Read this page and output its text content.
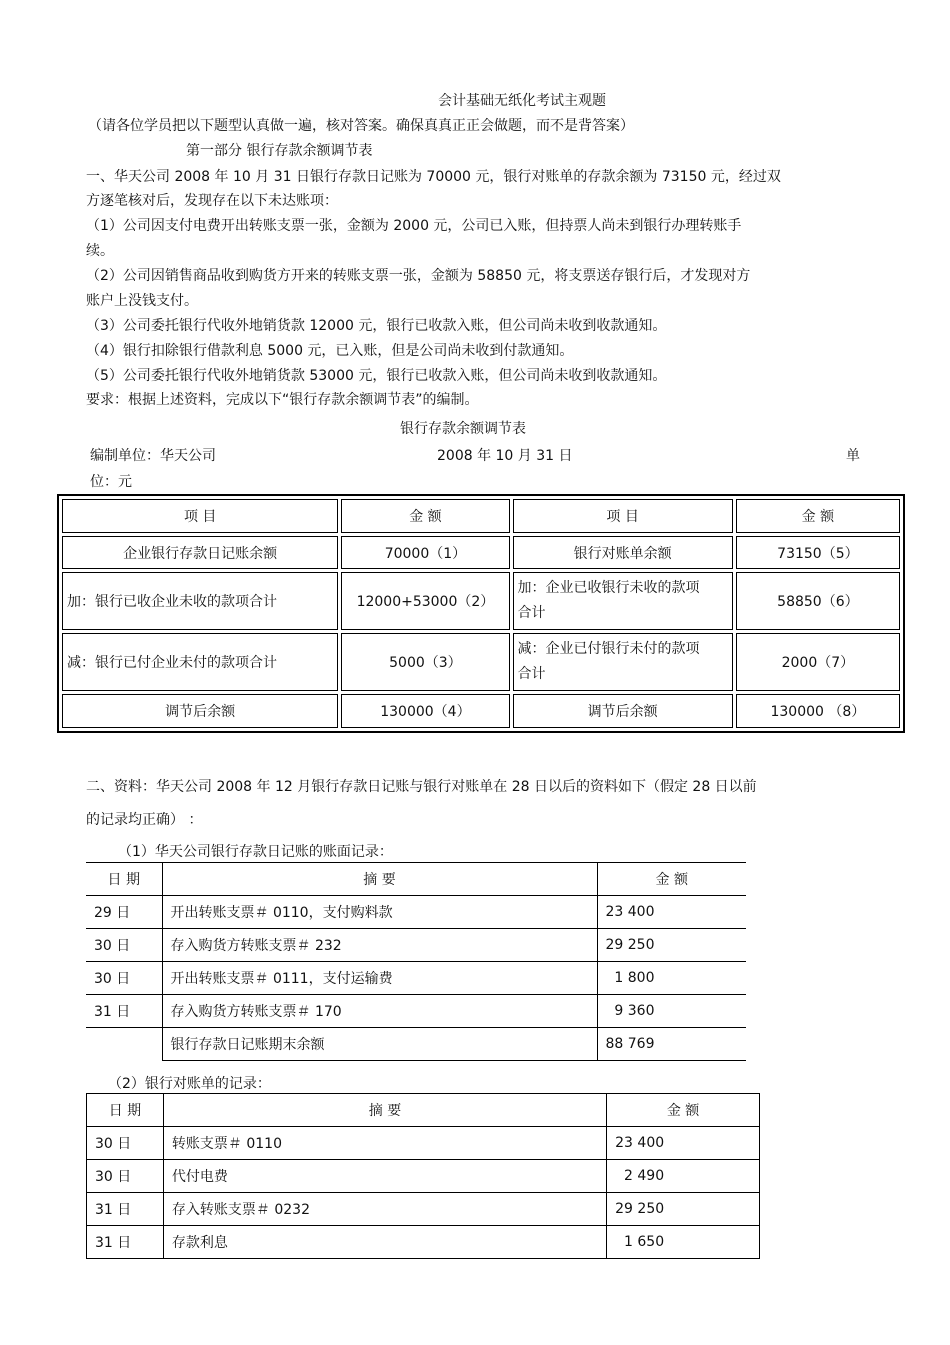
会计基础无纸化考试主观题
（请各位学员把以下题型认真做一遍，核对答案。确保真真正正会做题，而不是背答案）
第一部分 银行存款余额调节表
一、华天公司 2008 年 10 月 31 日银行存款日记账为 70000 元，银行对账单的存款余额为 73150 元，经过双
方逐笔核对后，发现存在以下未达账项：
（1）公司因支付电费开出转账支票一张，金额为 2000 元，公司已入账，但持票人尚未到银行办理转账手
续。
（2）公司因销售商品收到购货方开来的转账支票一张，金额为 58850 元，将支票送存银行后，才发现对方
账户上没钱支付。
（3）公司委托银行代收外地销货款 12000 元，银行已收款入账，但公司尚未收到收款通知。
（4）银行扣除银行借款利息 5000 元，已入账，但是公司尚未收到付款通知。
（5）公司委托银行代收外地销货款 53000 元，银行已收款入账，但公司尚未收到收款通知。
要求：根据上述资料，完成以下“银行存款余额调节表”的编制。
银行存款余额调节表
编制单位：华天公司	2008 年 10 月 31 日	单
位：元
项 目	金 额	项 目	金 额
企业银行存款日记账余额	70000（1）	银行对账单余额	73150（5）
加：银行已收企业未收的款项合计	12000+53000（2）	加：企业已收银行未收的款项合计	58850（6）
减：银行已付企业未付的款项合计	5000（3）	减：企业已付银行未付的款项合计	2000（7）
调节后余额	130000（4）	调节后余额	130000 （8）
二、资料：华天公司 2008 年 12 月银行存款日记账与银行对账单在 28 日以后的资料如下（假定 28 日以前
的记录均正确） ：
（1）华天公司银行存款日记账的账面记录：
日 期	摘 要	金 额
29 日	开出转账支票＃ 0110，支付购料款	23 400
30 日	存入购货方转账支票＃ 232	29 250
30 日	开出转账支票＃ 0111，支付运输费	1 800
31 日	存入购货方转账支票＃ 170	9 360
	银行存款日记账期末余额	88 769
（2）银行对账单的记录：
日 期	摘 要	金 额
30 日	转账支票＃ 0110	23 400
30 日	代付电费	2 490
31 日	存入转账支票＃ 0232	29 250
31 日	存款利息	1 650
